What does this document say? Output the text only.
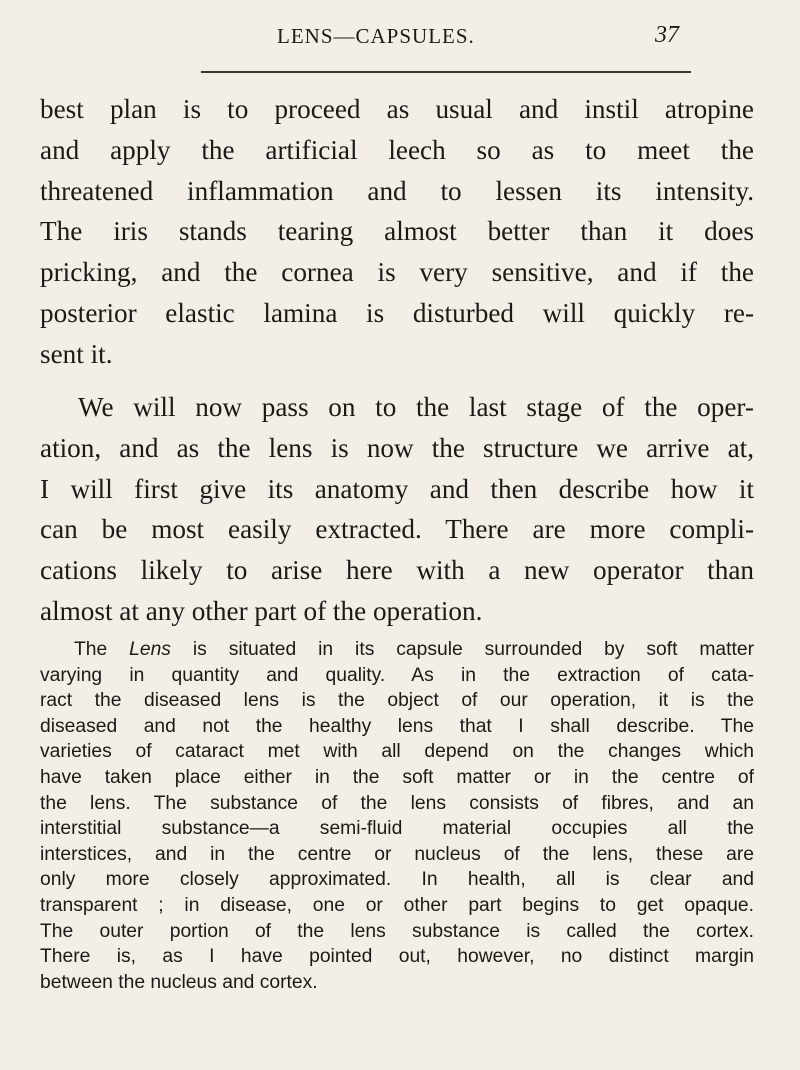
LENS—CAPSULES.	37
best plan is to proceed as usual and instil atropine
and apply the artificial leech so as to meet the
threatened inflammation and to lessen its intensity.
The iris stands tearing almost better than it does
pricking, and the cornea is very sensitive, and if the
posterior elastic lamina is disturbed will quickly re-
sent it.
We will now pass on to the last stage of the oper-
ation, and as the lens is now the structure we arrive at,
I will first give its anatomy and then describe how it
can be most easily extracted. There are more compli-
cations likely to arise here with a new operator than
almost at any other part of the operation.
The Lens is situated in its capsule surrounded by soft matter
varying in quantity and quality. As in the extraction of cata-
ract the diseased lens is the object of our operation, it is the
diseased and not the healthy lens that I shall describe. The
varieties of cataract met with all depend on the changes which
have taken place either in the soft matter or in the centre of
the lens. The substance of the lens consists of fibres, and an
interstitial substance—a semi-fluid material occupies all the
interstices, and in the centre or nucleus of the lens, these are
only more closely approximated. In health, all is clear and
transparent ; in disease, one or other part begins to get opaque.
The outer portion of the lens substance is called the cortex.
There is, as I have pointed out, however, no distinct margin
between the nucleus and cortex.
